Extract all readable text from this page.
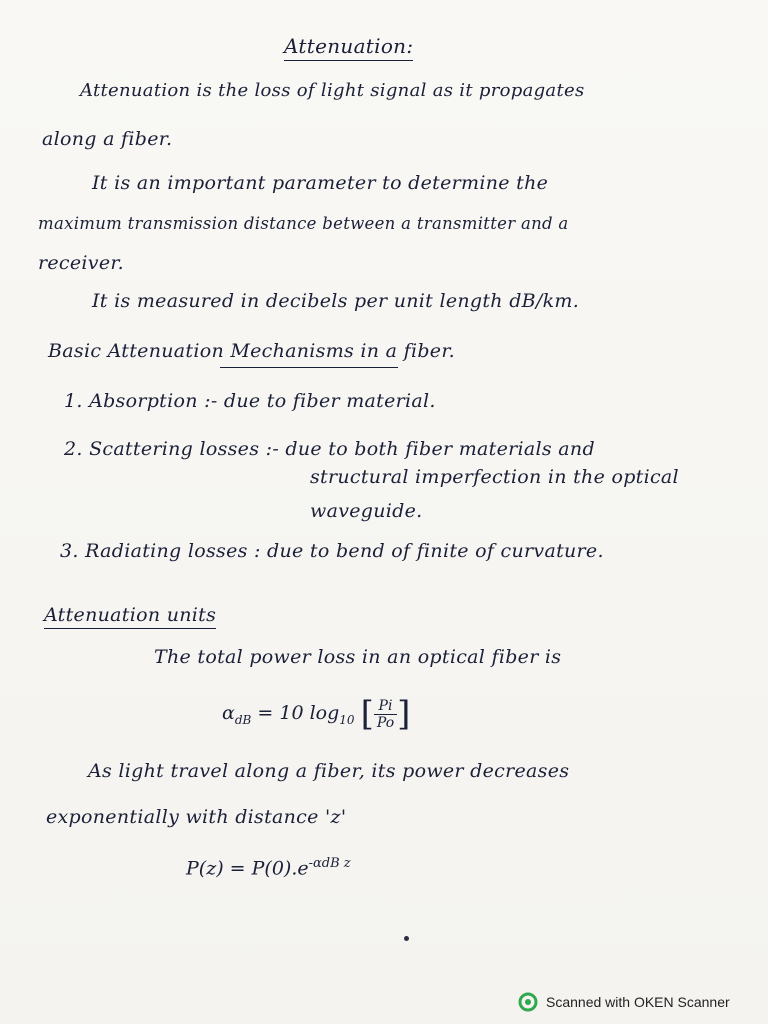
Attenuation:
Attenuation is the loss of light signal as it propagates
along a fiber.
It is an important parameter to determine the
maximum transmission distance between a transmitter and a
receiver.
It is measured in decibels per unit length dB/km.
Basic Attenuation Mechanisms in a fiber.
1. Absorption :- due to fiber material.
2. Scattering losses :- due to both fiber materials and
structural imperfection in the optical
waveguide.
3. Radiating losses : due to bend of finite of curvature.
Attenuation units
The total power loss in an optical fiber is
$\alpha_{dB} = 10$ $\log_{10}$ [ $\frac{Pi}{Po}$ ]
As light travel along a fiber, its power decreases
exponentially with distance 'z'
$P(z) = P(0).e^{-\alpha dB z}$
Scanned with OKEN Scanner
